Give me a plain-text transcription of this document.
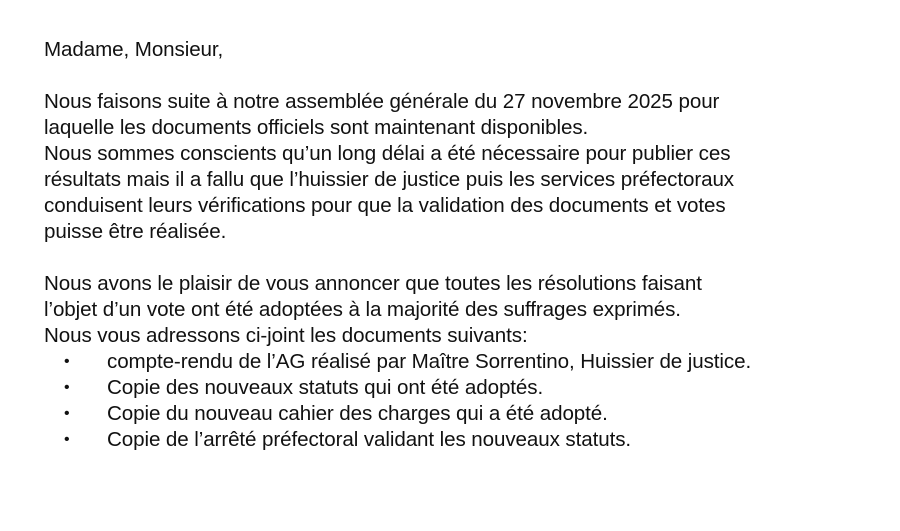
Madame, Monsieur,
Nous faisons suite à notre assemblée générale du 27 novembre 2025 pour
laquelle les documents officiels sont maintenant disponibles.
Nous sommes conscients qu’un long délai a été nécessaire pour publier ces
résultats mais il a fallu que l’huissier de justice puis les services préfectoraux
conduisent leurs vérifications pour que la validation des documents et votes
puisse être réalisée.
Nous avons le plaisir de vous annoncer que toutes les résolutions faisant
l’objet d’un vote ont été adoptées à la majorité des suffrages exprimés.
Nous vous adressons ci-joint les documents suivants:
• compte-rendu de l’AG réalisé par Maître Sorrentino, Huissier de justice.
• Copie des nouveaux statuts qui ont été adoptés.
• Copie du nouveau cahier des charges qui a été adopté.
• Copie de l’arrêté préfectoral validant les nouveaux statuts.
